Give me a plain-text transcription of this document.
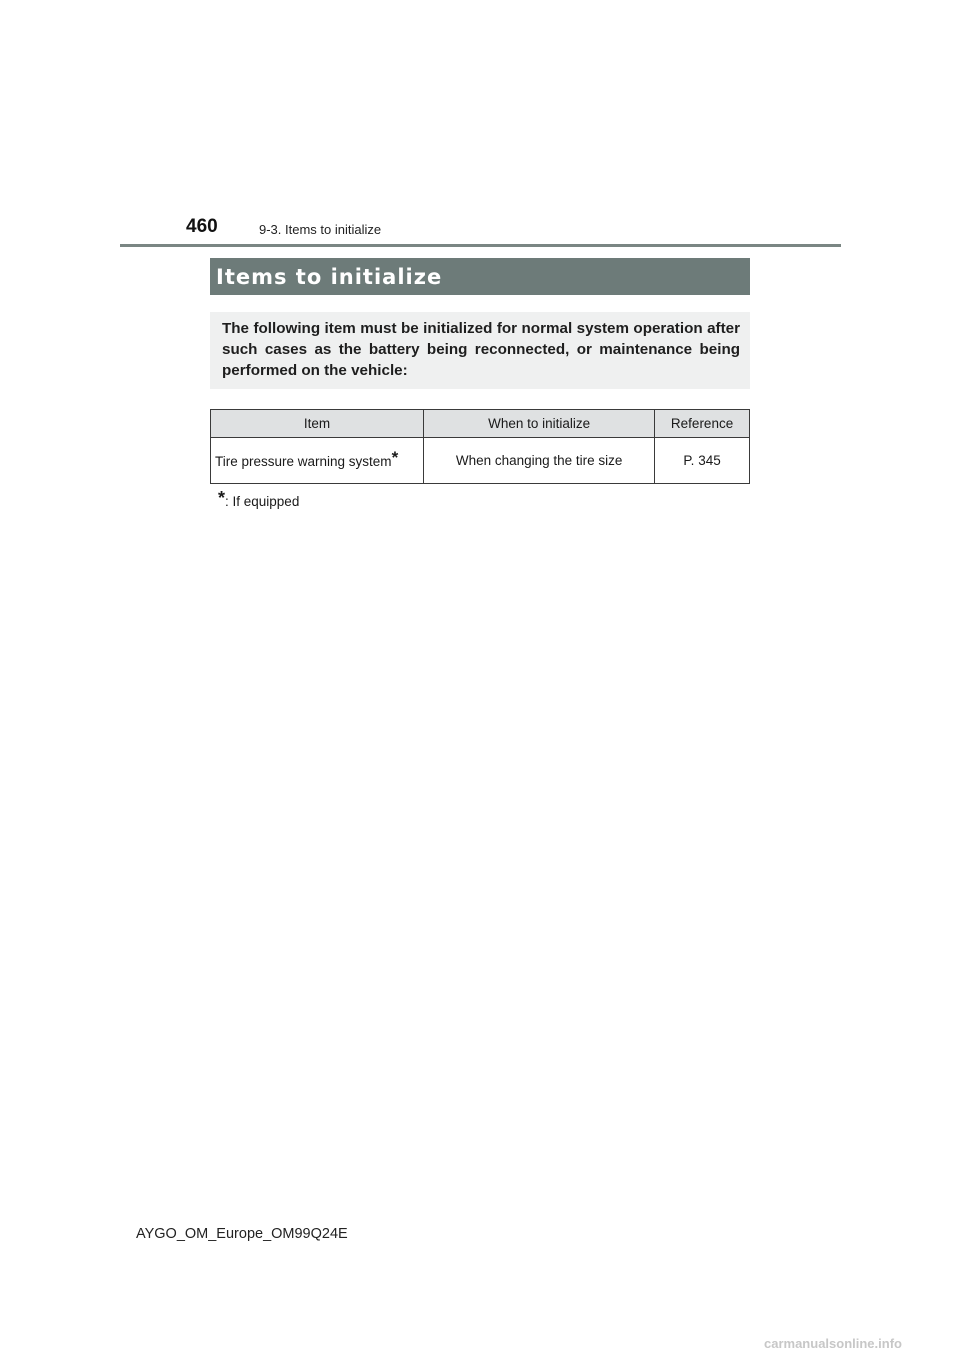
460	9-3. Items to initialize
Items to initialize
The following item must be initialized for normal system operation after such cases as the battery being reconnected, or maintenance being performed on the vehicle:
Item	When to initialize	Reference
Tire pressure warning system*	When changing the tire size	P. 345
*: If equipped
AYGO_OM_Europe_OM99Q24E
carmanualsonline.info
